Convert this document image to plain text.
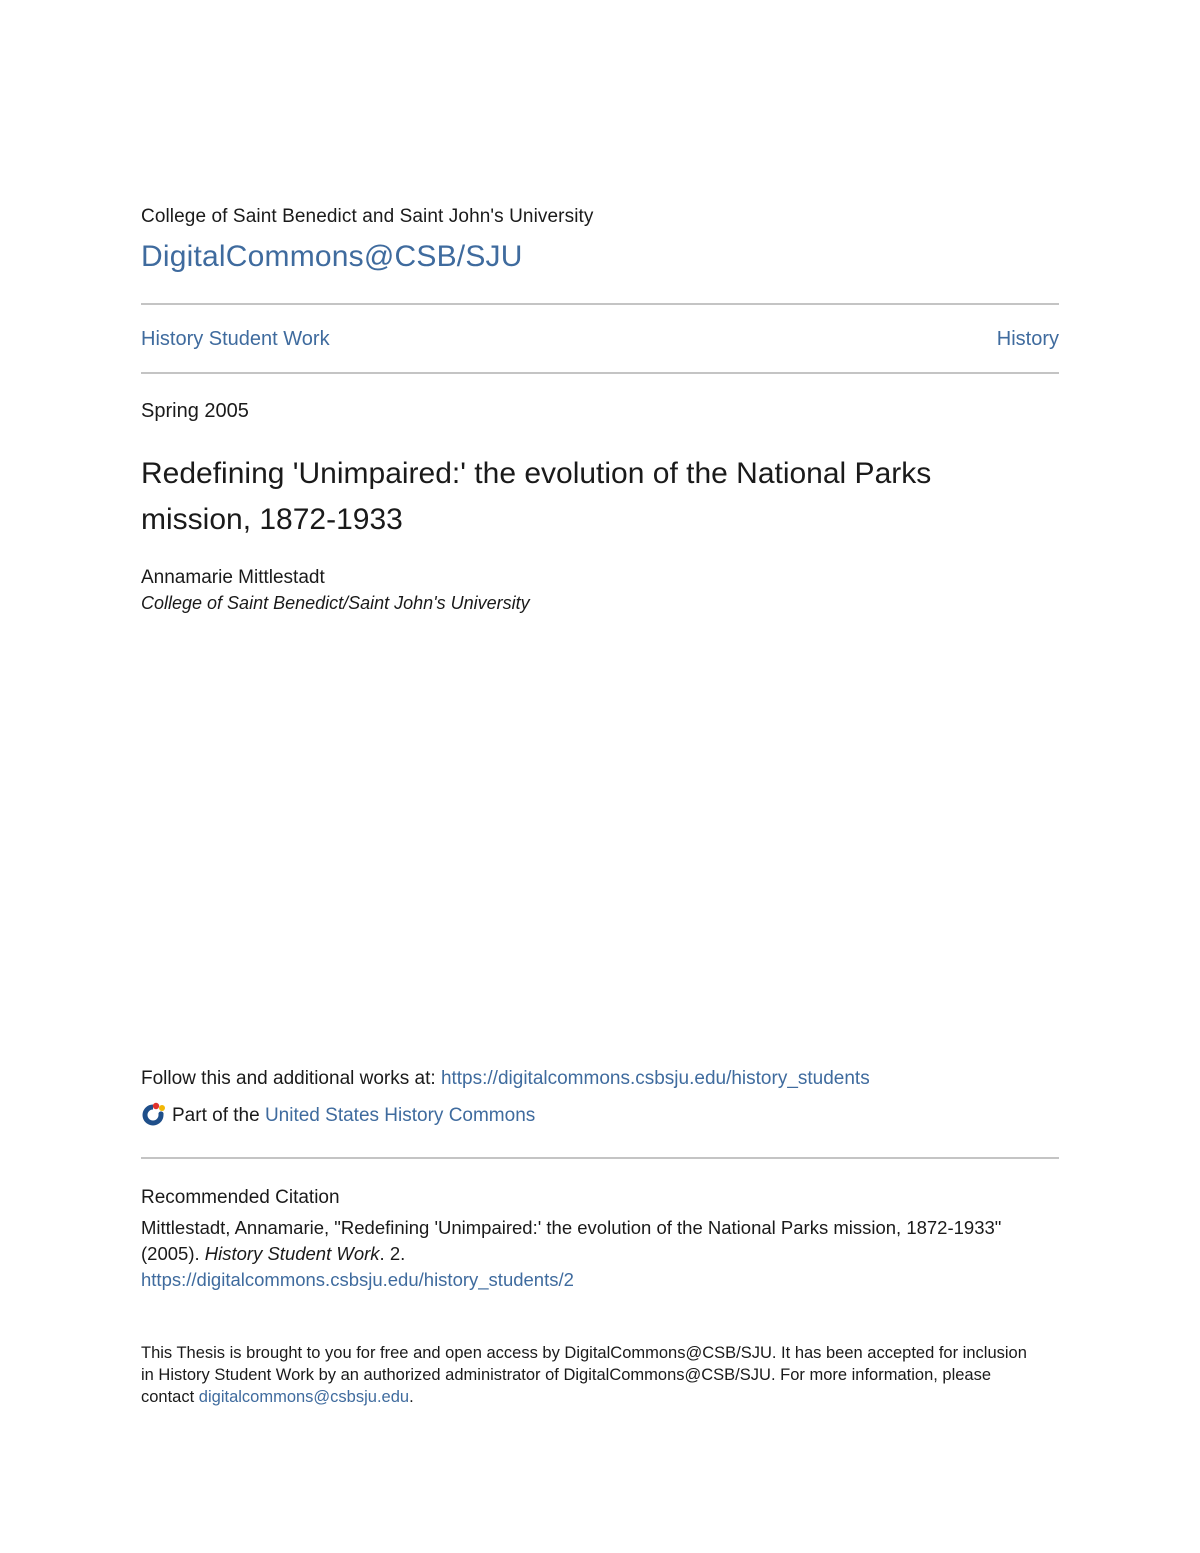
College of Saint Benedict and Saint John's University
DigitalCommons@CSB/SJU
History Student Work	History
Spring 2005
Redefining 'Unimpaired:' the evolution of the National Parks mission, 1872-1933
Annamarie Mittlestadt
College of Saint Benedict/Saint John's University
Follow this and additional works at: https://digitalcommons.csbsju.edu/history_students
Part of the
United States History Commons
Recommended Citation
Mittlestadt, Annamarie, "Redefining 'Unimpaired:' the evolution of the National Parks mission, 1872-1933" (2005). History Student Work. 2.
https://digitalcommons.csbsju.edu/history_students/2
This Thesis is brought to you for free and open access by DigitalCommons@CSB/SJU. It has been accepted for inclusion in History Student Work by an authorized administrator of DigitalCommons@CSB/SJU. For more information, please contact digitalcommons@csbsju.edu.
